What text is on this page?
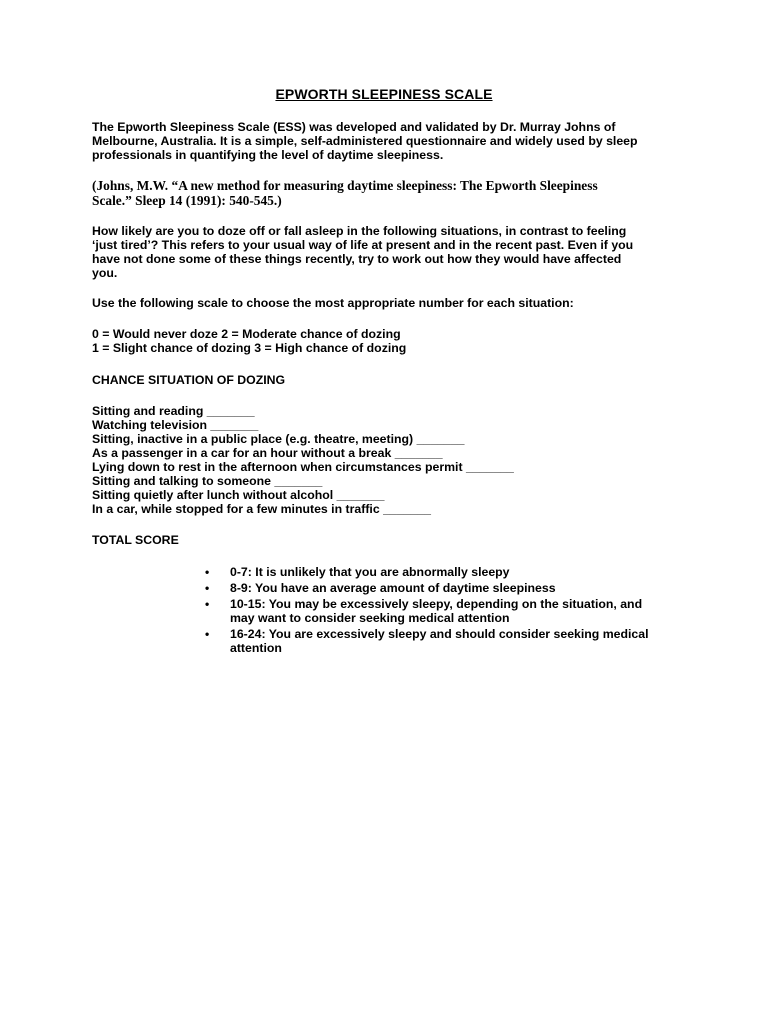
EPWORTH SLEEPINESS SCALE
The Epworth Sleepiness Scale (ESS) was developed and validated by Dr. Murray Johns of
Melbourne, Australia. It is a simple, self-administered questionnaire and widely used by sleep
professionals in quantifying the level of daytime sleepiness.
(Johns, M.W. “A new method for measuring daytime sleepiness: The Epworth Sleepiness
Scale.” Sleep 14 (1991): 540-545.)
How likely are you to doze off or fall asleep in the following situations, in contrast to feeling
‘just tired’? This refers to your usual way of life at present and in the recent past. Even if you
have not done some of these things recently, try to work out how they would have affected
you.
Use the following scale to choose the most appropriate number for each situation:
0 = Would never doze 2 = Moderate chance of dozing
1 = Slight chance of dozing 3 = High chance of dozing
CHANCE SITUATION OF DOZING
Sitting and reading _______
Watching television _______
Sitting, inactive in a public place (e.g. theatre, meeting) _______
As a passenger in a car for an hour without a break _______
Lying down to rest in the afternoon when circumstances permit _______
Sitting and talking to someone _______
Sitting quietly after lunch without alcohol _______
In a car, while stopped for a few minutes in traffic _______
TOTAL SCORE
• 0-7: It is unlikely that you are abnormally sleepy
• 8-9: You have an average amount of daytime sleepiness
• 10-15: You may be excessively sleepy, depending on the situation, and
may want to consider seeking medical attention
• 16-24: You are excessively sleepy and should consider seeking medical
attention
